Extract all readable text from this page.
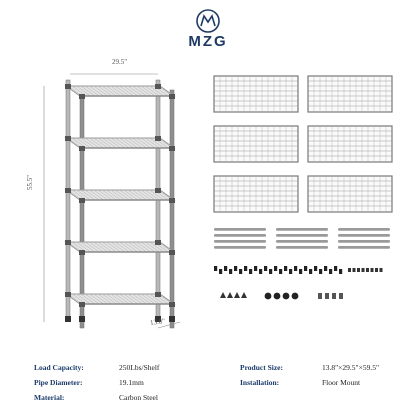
MZG
29.5"
55.5"
13.8"
Load Capacity:	250Lbs/Shelf
Pipe Diameter:	19.1mm
Material:	Carbon Steel
Product Size:	13.8"×29.5"×59.5"
Installation:	Floor Mount
